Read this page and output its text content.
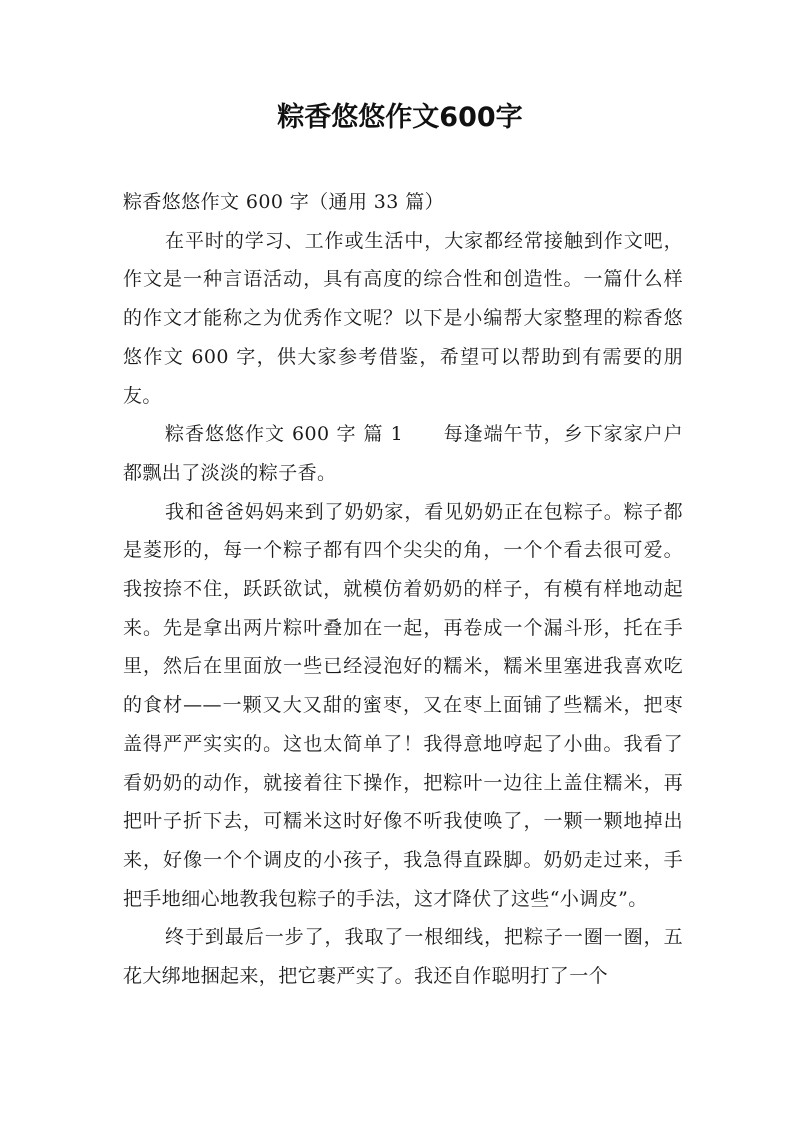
粽香悠悠作文600字

粽香悠悠作文 600 字（通用 33 篇）

在平时的学习、工作或生活中，大家都经常接触到作文吧，作文是一种言语活动，具有高度的综合性和创造性。一篇什么样的作文才能称之为优秀作文呢？以下是小编帮大家整理的粽香悠悠作文 600 字，供大家参考借鉴，希望可以帮助到有需要的朋友。

粽香悠悠作文 600 字 篇 1　　每逢端午节，乡下家家户户都飘出了淡淡的粽子香。

我和爸爸妈妈来到了奶奶家，看见奶奶正在包粽子。粽子都是菱形的，每一个粽子都有四个尖尖的角，一个个看去很可爱。我按捺不住，跃跃欲试，就模仿着奶奶的样子，有模有样地动起来。先是拿出两片粽叶叠加在一起，再卷成一个漏斗形，托在手里，然后在里面放一些已经浸泡好的糯米，糯米里塞进我喜欢吃的食材——一颗又大又甜的蜜枣，又在枣上面铺了些糯米，把枣盖得严严实实的。这也太简单了！我得意地哼起了小曲。我看了看奶奶的动作，就接着往下操作，把粽叶一边往上盖住糯米，再把叶子折下去，可糯米这时好像不听我使唤了，一颗一颗地掉出来，好像一个个调皮的小孩子，我急得直跺脚。奶奶走过来，手把手地细心地教我包粽子的手法，这才降伏了这些“小调皮”。

终于到最后一步了，我取了一根细线，把粽子一圈一圈，五花大绑地捆起来，把它裹严实了。我还自作聪明打了一个
